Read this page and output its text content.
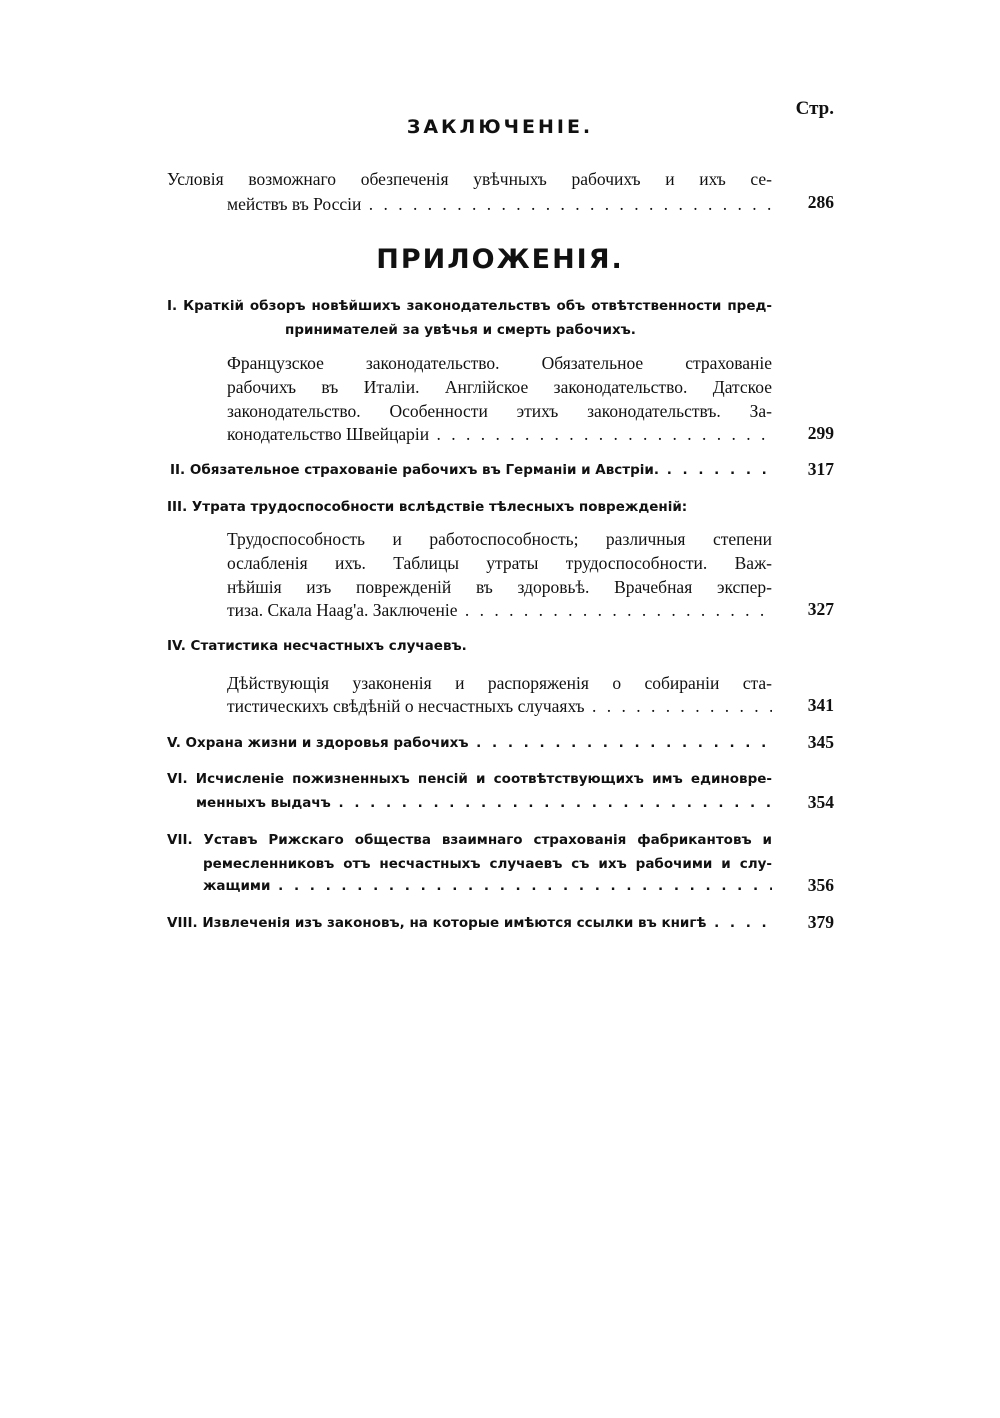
Стр.
ЗАКЛЮЧЕНІЕ.
Условія возможнаго обезпеченія увѣчныхъ рабочихъ и ихъ се-
мействъ въ Россіи . . .	286
ПРИЛОЖЕНІЯ.
I. Краткій обзоръ новѣйшихъ законодательствъ объ отвѣтственности пред-
принимателей за увѣчья и смерть рабочихъ.
Французское законодательство. Обязательное страхованіе
рабочихъ въ Италіи. Англійское законодательство. Датское
законодательство. Особенности этихъ законодательствъ. За-
конодательство Швейцаріи . . .	299
II. Обязательное страхованіе рабочихъ въ Германіи и Австріи. . . .	317
III. Утрата трудоспособности вслѣдствіе тѣлесныхъ поврежденій:
Трудоспособность и работоспособность; различныя степени
ослабленія ихъ. Таблицы утраты трудоспособности. Важ-
нѣйшія изъ поврежденій въ здоровьѣ. Врачебная экспер-
тиза. Скала Haag'a. Заключеніе . . .	327
IV. Статистика несчастныхъ случаевъ.
Дѣйствующія узаконенія и распоряженія о собираніи ста-
тистическихъ свѣдѣній о несчастныхъ случаяхъ . . .	341
V. Охрана жизни и здоровья рабочихъ . . .	345
VI. Исчисленіе пожизненныхъ пенсій и соотвѣтствующихъ имъ единовре-
менныхъ выдачъ . . .	354
VII. Уставъ Рижскаго общества взаимнаго страхованія фабрикантовъ и
ремесленниковъ отъ несчастныхъ случаевъ съ ихъ рабочими и слу-
жащими . . .	356
VIII. Извлеченія изъ законовъ, на которые имѣются ссылки въ книгѣ . . .	379
